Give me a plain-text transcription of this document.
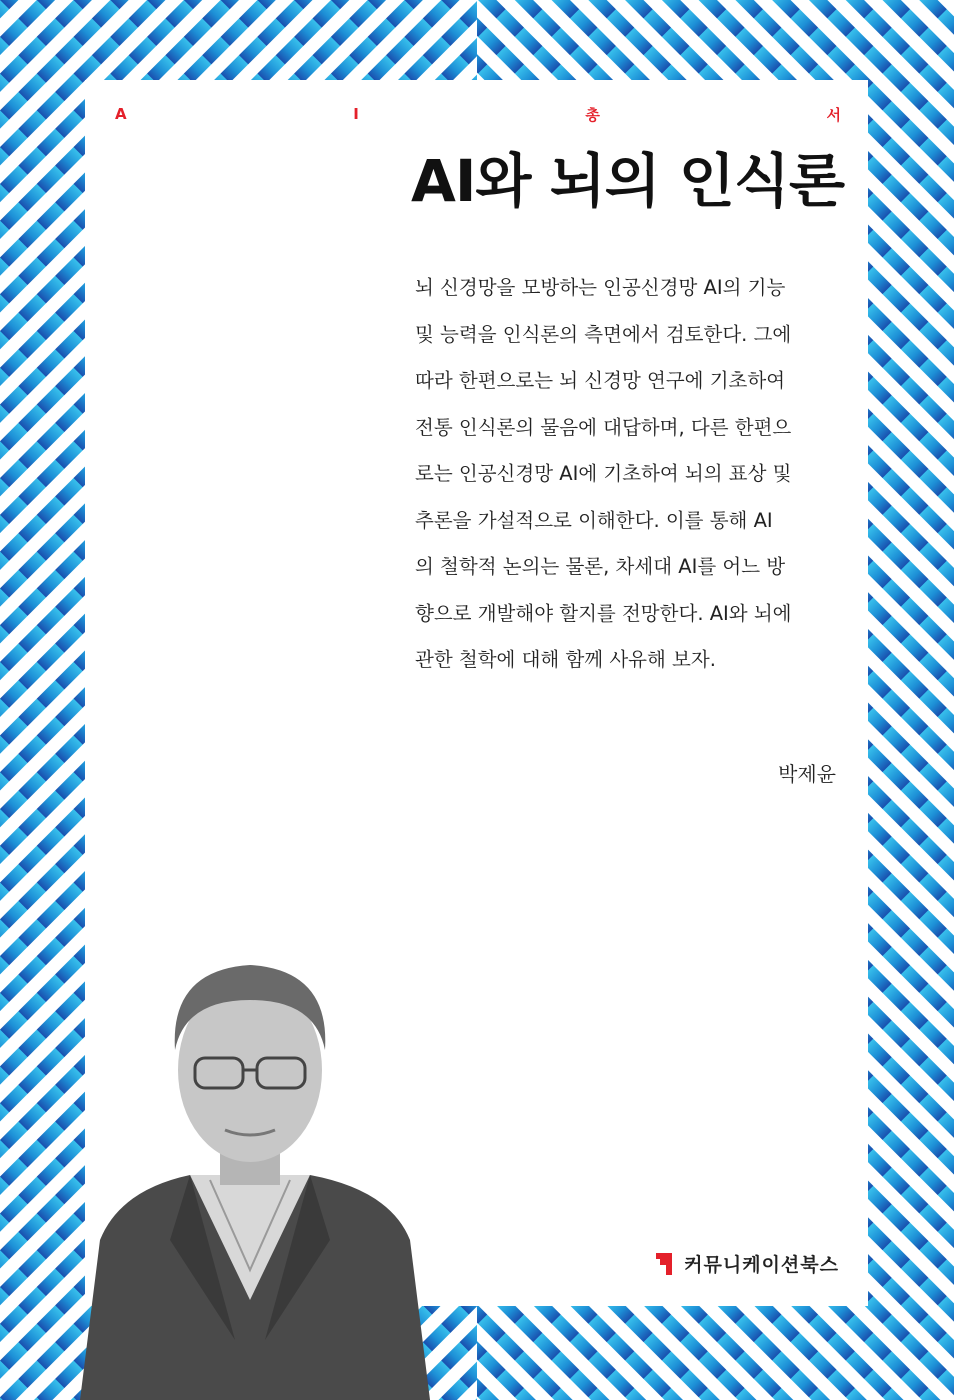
A	I	총	서
AI와 뇌의 인식론
뇌 신경망을 모방하는 인공신경망 AI의 기능
및 능력을 인식론의 측면에서 검토한다. 그에
따라 한편으로는 뇌 신경망 연구에 기초하여
전통 인식론의 물음에 대답하며, 다른 한편으
로는 인공신경망 AI에 기초하여 뇌의 표상 및
추론을 가설적으로 이해한다. 이를 통해 AI
의 철학적 논의는 물론, 차세대 AI를 어느 방
향으로 개발해야 할지를 전망한다. AI와 뇌에
관한 철학에 대해 함께 사유해 보자.
박제윤
커뮤니케이션북스
